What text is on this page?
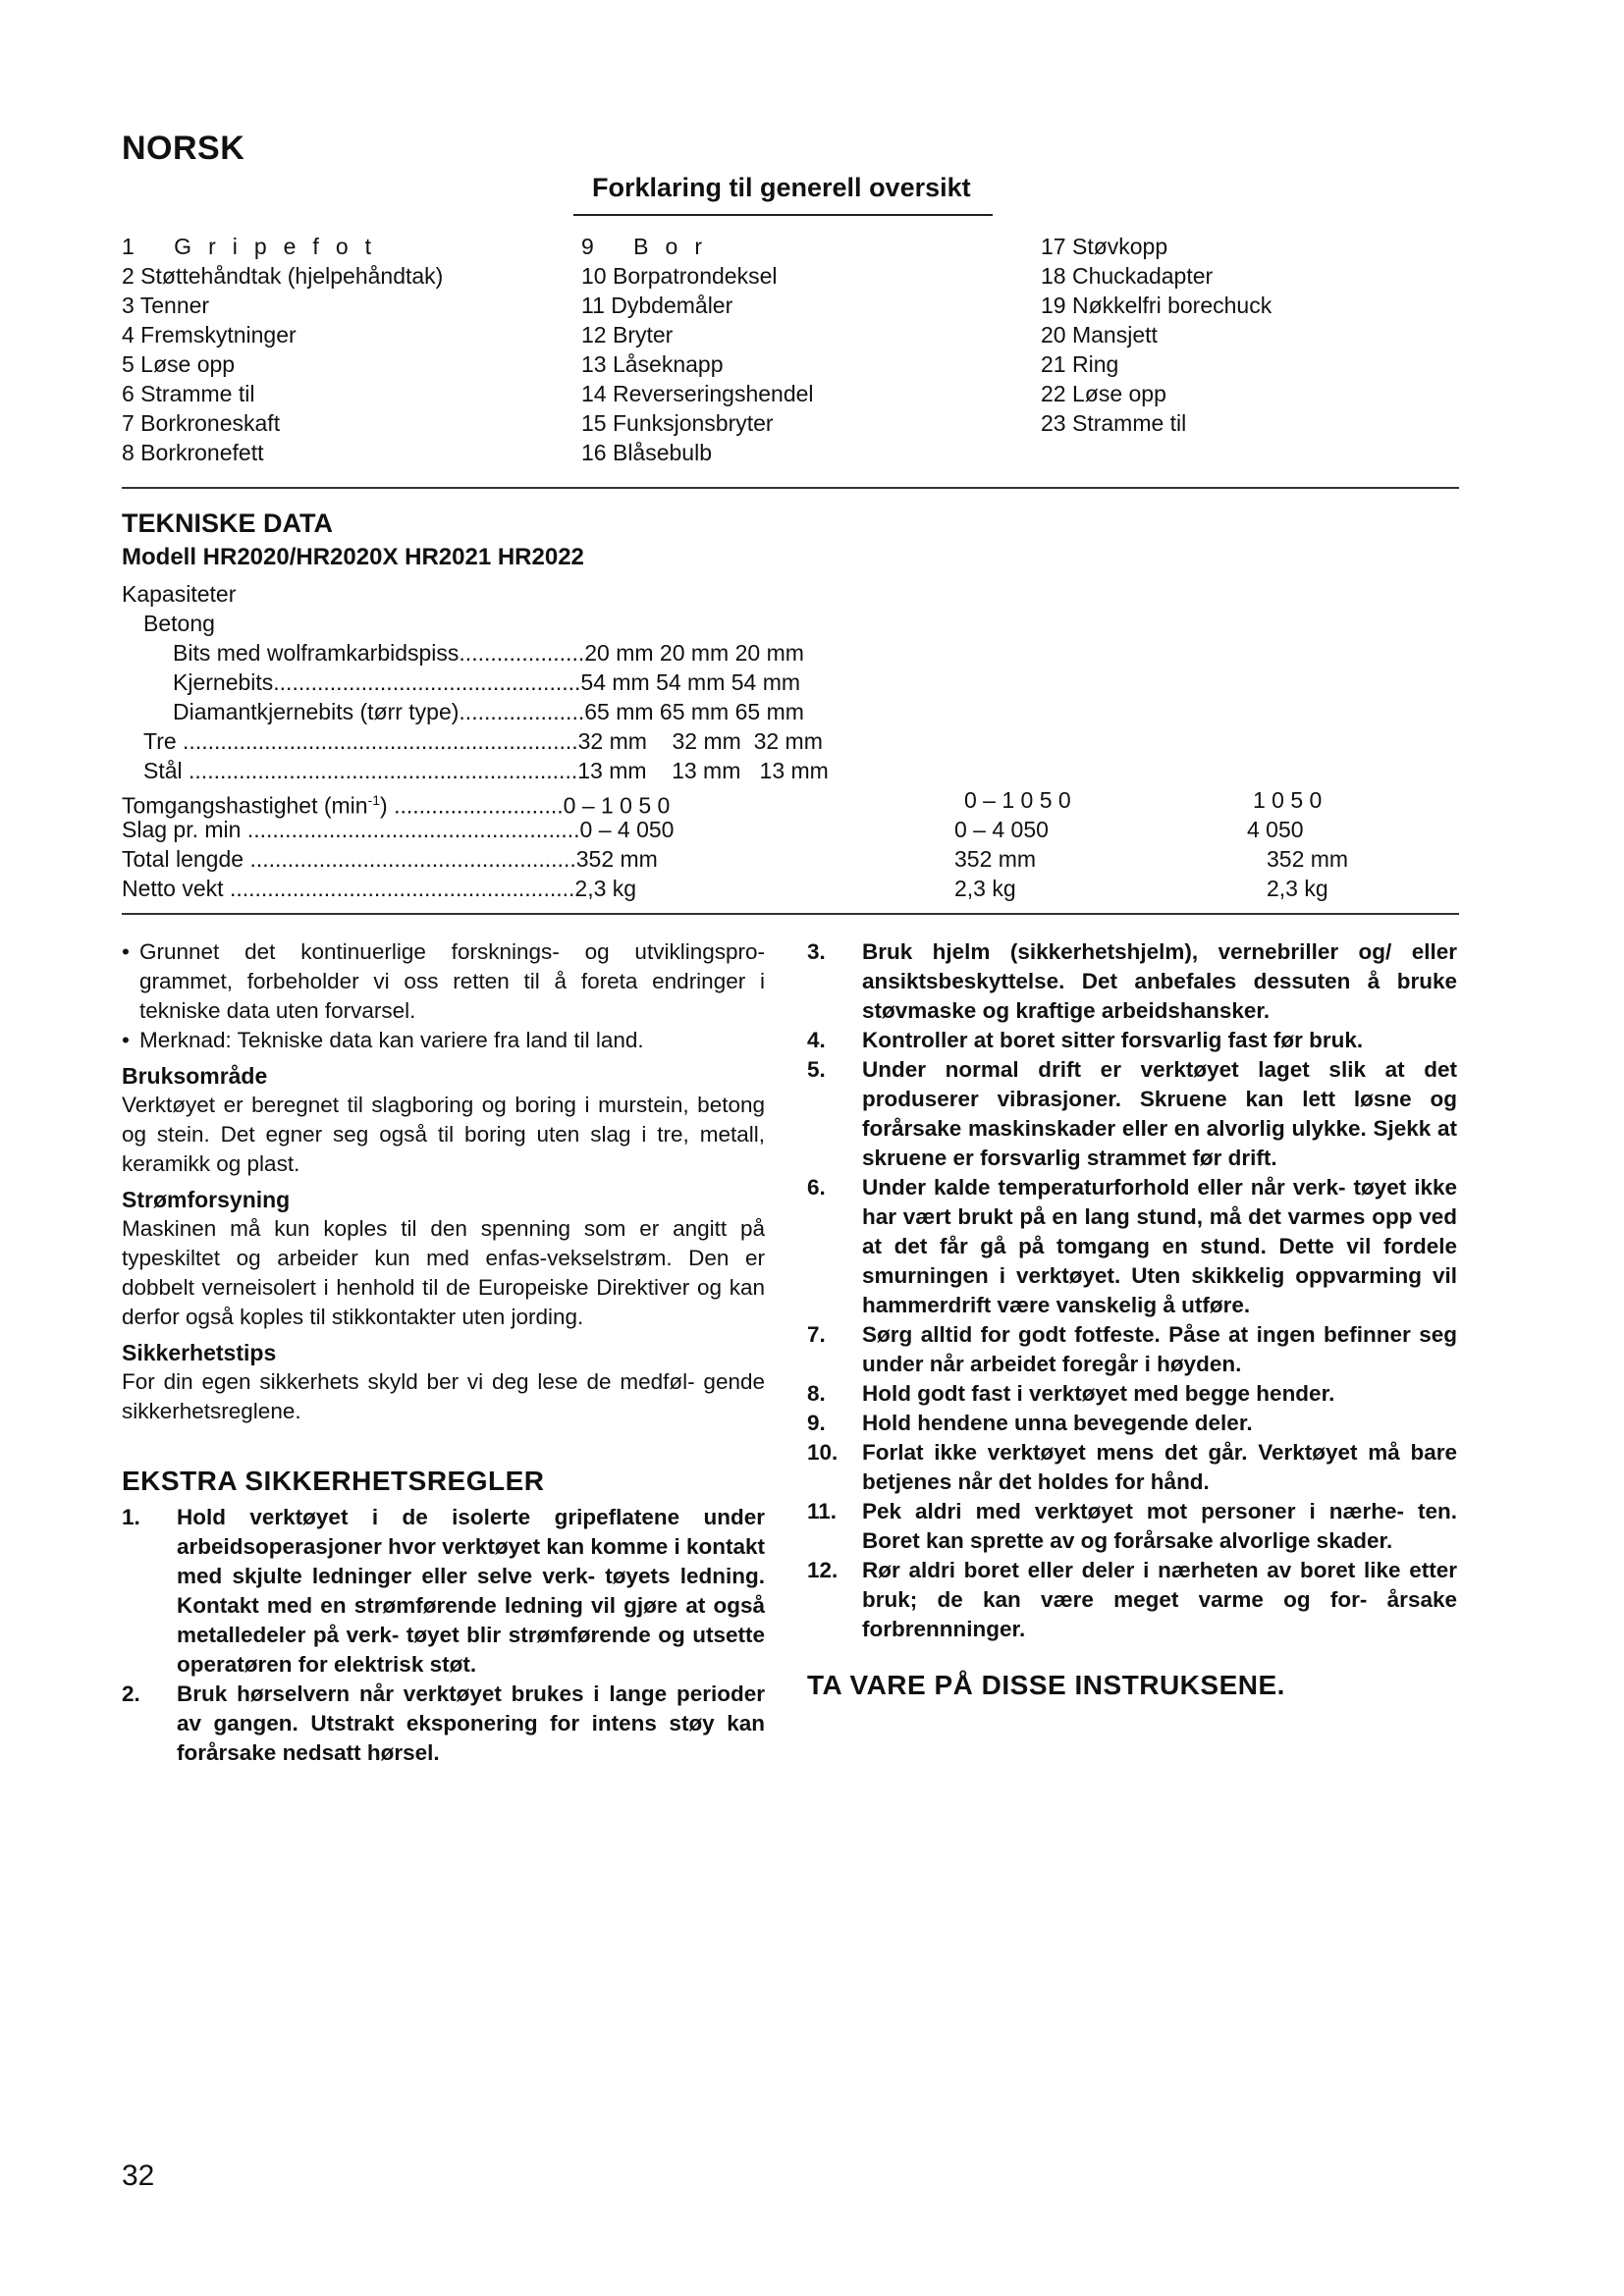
NORSK
Forklaring til generell oversikt
1 Gripefot
2 Støttehåndtak (hjelpehåndtak)
3 Tenner
4 Fremskytninger
5 Løse opp
6 Stramme til
7 Borkroneskaft
8 Borkronefett
9 Bor
10 Borpatrondeksel
11 Dybdemåler
12 Bryter
13 Låseknapp
14 Reverseringshendel
15 Funksjonsbryter
16 Blåsebulb
17 Støvkopp
18 Chuckadapter
19 Nøkkelfri borechuck
20 Mansjett
21 Ring
22 Løse opp
23 Stramme til
TEKNISKE DATA
Modell HR2020/HR2020X HR2021 HR2022
Kapasiteter
Betong
Bits med wolframkarbidspiss....................20 mm 20 mm 20 mm
Kjernebits.................................................54 mm 54 mm 54 mm
Diamantkjernebits (tørr type)....................65 mm 65 mm 65 mm
Tre ...............................................................32 mm    32 mm  32 mm
Stål ..............................................................13 mm    13 mm   13 mm
Tomgangshastighet $(\min^{-1})$ ...........................0 – 1 0 5 0	0 – 1 0 5 0	1 0 5 0
Slag pr. min .....................................................0 – 4 050	0 – 4 050	4 050
Total lengde ....................................................352 mm	352 mm	352 mm
Netto vekt .......................................................2,3 kg	2,3 kg	2,3 kg
• Grunnet det kontinuerlige forsknings- og utviklingspro- grammet, forbeholder vi oss retten til å foreta endringer i tekniske data uten forvarsel.
• Merknad: Tekniske data kan variere fra land til land.
Bruksområde
Verktøyet er beregnet til slagboring og boring i murstein, betong og stein. Det egner seg også til boring uten slag i tre, metall, keramikk og plast.
Strømforsyning
Maskinen må kun koples til den spenning som er angitt på typeskiltet og arbeider kun med enfas-vekselstrøm. Den er dobbelt verneisolert i henhold til de Europeiske Direktiver og kan derfor også koples til stikkontakter uten jording.
Sikkerhetstips
For din egen sikkerhets skyld ber vi deg lese de medføl- gende sikkerhetsreglene.
EKSTRA SIKKERHETSREGLER
1. Hold verktøyet i de isolerte gripeflatene under arbeidsoperasjoner hvor verktøyet kan komme i kontakt med skjulte ledninger eller selve verk- tøyets ledning. Kontakt med en strømførende ledning vil gjøre at også metalledeler på verk- tøyet blir strømførende og utsette operatøren for elektrisk støt.
2. Bruk hørselvern når verktøyet brukes i lange perioder av gangen. Utstrakt eksponering for intens støy kan forårsake nedsatt hørsel.
3. Bruk hjelm (sikkerhetshjelm), vernebriller og/ eller ansiktsbeskyttelse. Det anbefales dessuten å bruke støvmaske og kraftige arbeidshansker.
4. Kontroller at boret sitter forsvarlig fast før bruk.
5. Under normal drift er verktøyet laget slik at det produserer vibrasjoner. Skruene kan lett løsne og forårsake maskinskader eller en alvorlig ulykke. Sjekk at skruene er forsvarlig strammet før drift.
6. Under kalde temperaturforhold eller når verk- tøyet ikke har vært brukt på en lang stund, må det varmes opp ved at det får gå på tomgang en stund. Dette vil fordele smurningen i verktøyet. Uten skikkelig oppvarming vil hammerdrift være vanskelig å utføre.
7. Sørg alltid for godt fotfeste. Påse at ingen befinner seg under når arbeidet foregår i høyden.
8. Hold godt fast i verktøyet med begge hender.
9. Hold hendene unna bevegende deler.
10. Forlat ikke verktøyet mens det går. Verktøyet må bare betjenes når det holdes for hånd.
11. Pek aldri med verktøyet mot personer i nærhe- ten. Boret kan sprette av og forårsake alvorlige skader.
12. Rør aldri boret eller deler i nærheten av boret like etter bruk; de kan være meget varme og for- årsake forbrennninger.
TA VARE PÅ DISSE INSTRUKSENE.
32
